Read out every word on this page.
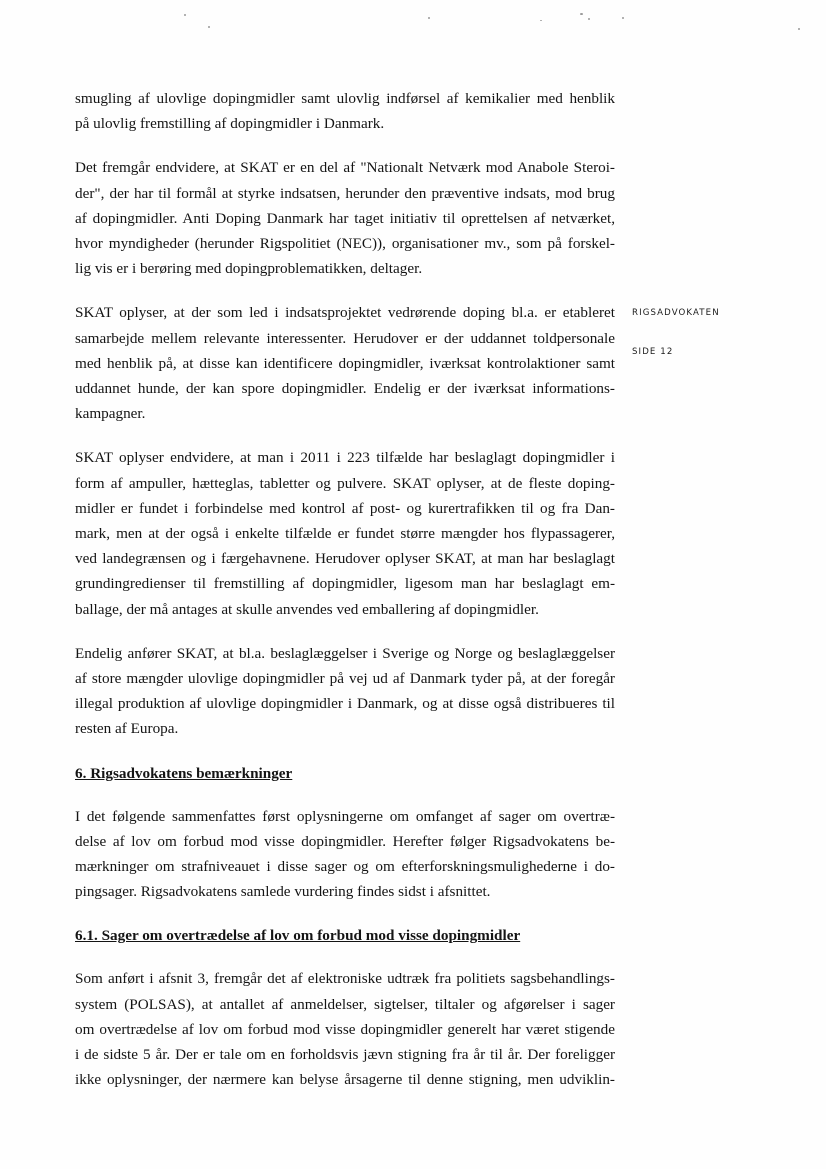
RIGSADVOKATEN
SIDE 12
smugling af ulovlige dopingmidler samt ulovlig indførsel af kemikalier med henblik
på ulovlig fremstilling af dopingmidler i Danmark.
Det fremgår endvidere, at SKAT er en del af "Nationalt Netværk mod Anabole Steroi-
der", der har til formål at styrke indsatsen, herunder den præventive indsats, mod brug
af dopingmidler. Anti Doping Danmark har taget initiativ til oprettelsen af netværket,
hvor myndigheder (herunder Rigspolitiet (NEC)), organisationer mv., som på forskel-
lig vis er i berøring med dopingproblematikken, deltager.
SKAT oplyser, at der som led i indsatsprojektet vedrørende doping bl.a. er etableret
samarbejde mellem relevante interessenter. Herudover er der uddannet toldpersonale
med henblik på, at disse kan identificere dopingmidler, iværksat kontrolaktioner samt
uddannet hunde, der kan spore dopingmidler. Endelig er der iværksat informations-
kampagner.
SKAT oplyser endvidere, at man i 2011 i 223 tilfælde har beslaglagt dopingmidler i
form af ampuller, hætteglas, tabletter og pulvere. SKAT oplyser, at de fleste doping-
midler er fundet i forbindelse med kontrol af post- og kurertrafikken til og fra Dan-
mark, men at der også i enkelte tilfælde er fundet større mængder hos flypassagerer,
ved landegrænsen og i færgehavnene. Herudover oplyser SKAT, at man har beslaglagt
grundingredienser til fremstilling af dopingmidler, ligesom man har beslaglagt em-
ballage, der må antages at skulle anvendes ved emballering af dopingmidler.
Endelig anfører SKAT, at bl.a. beslaglæggelser i Sverige og Norge og beslaglæggelser
af store mængder ulovlige dopingmidler på vej ud af Danmark tyder på, at der foregår
illegal produktion af ulovlige dopingmidler i Danmark, og at disse også distribueres til
resten af Europa.
6. Rigsadvokatens bemærkninger
I det følgende sammenfattes først oplysningerne om omfanget af sager om overtræ-
delse af lov om forbud mod visse dopingmidler. Herefter følger Rigsadvokatens be-
mærkninger om strafniveauet i disse sager og om efterforskningsmulighederne i do-
pingsager. Rigsadvokatens samlede vurdering findes sidst i afsnittet.
6.1. Sager om overtrædelse af lov om forbud mod visse dopingmidler
Som anført i afsnit 3, fremgår det af elektroniske udtræk fra politiets sagsbehandlings-
system (POLSAS), at antallet af anmeldelser, sigtelser, tiltaler og afgørelser i sager
om overtrædelse af lov om forbud mod visse dopingmidler generelt har været stigende
i de sidste 5 år. Der er tale om en forholdsvis jævn stigning fra år til år. Der foreligger
ikke oplysninger, der nærmere kan belyse årsagerne til denne stigning, men udviklin-
